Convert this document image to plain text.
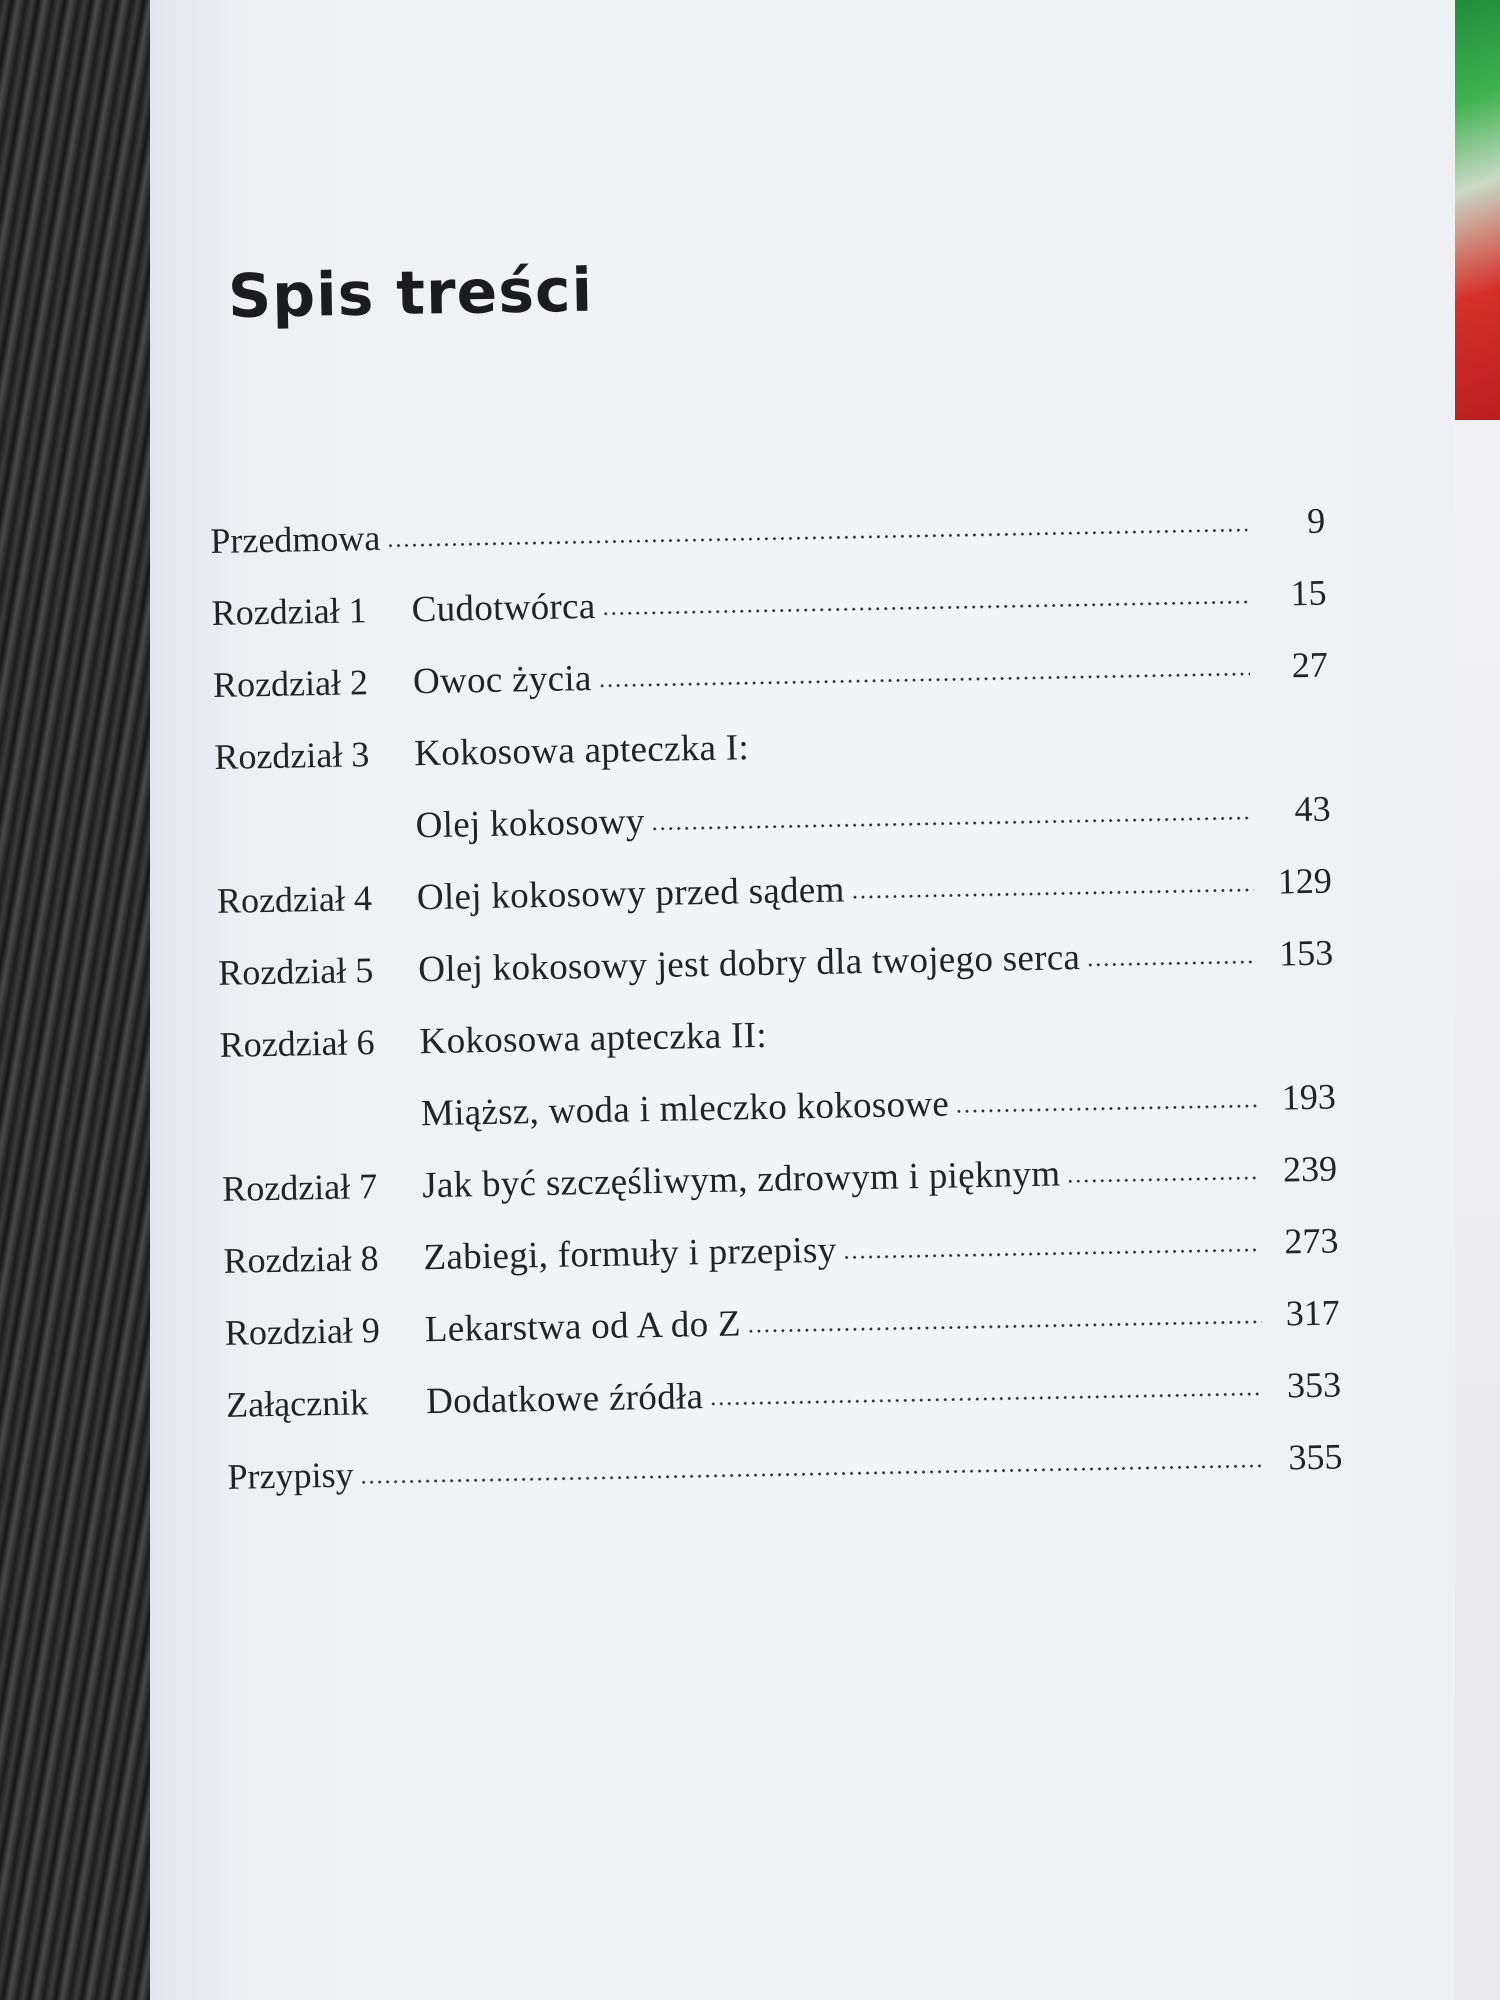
Spis treści
Przedmowa	9
Rozdział 1	Cudotwórca	15
Rozdział 2	Owoc życia	27
Rozdział 3	Kokosowa apteczka I:
Olej kokosowy	43
Rozdział 4	Olej kokosowy przed sądem	129
Rozdział 5	Olej kokosowy jest dobry dla twojego serca	153
Rozdział 6	Kokosowa apteczka II:
Miąższ, woda i mleczko kokosowe	193
Rozdział 7	Jak być szczęśliwym, zdrowym i pięknym	239
Rozdział 8	Zabiegi, formuły i przepisy	273
Rozdział 9	Lekarstwa od A do Z	317
Załącznik	Dodatkowe źródła	353
Przypisy	355
